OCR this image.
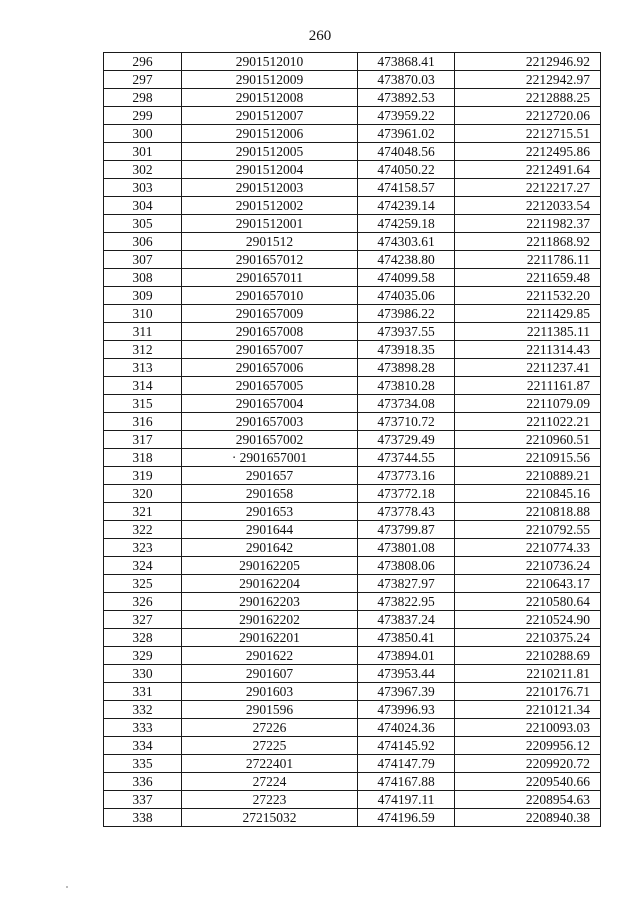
260
296	2901512010	473868.41	2212946.92
297	2901512009	473870.03	2212942.97
298	2901512008	473892.53	2212888.25
299	2901512007	473959.22	2212720.06
300	2901512006	473961.02	2212715.51
301	2901512005	474048.56	2212495.86
302	2901512004	474050.22	2212491.64
303	2901512003	474158.57	2212217.27
304	2901512002	474239.14	2212033.54
305	2901512001	474259.18	2211982.37
306	2901512	474303.61	2211868.92
307	2901657012	474238.80	2211786.11
308	2901657011	474099.58	2211659.48
309	2901657010	474035.06	2211532.20
310	2901657009	473986.22	2211429.85
311	2901657008	473937.55	2211385.11
312	2901657007	473918.35	2211314.43
313	2901657006	473898.28	2211237.41
314	2901657005	473810.28	2211161.87
315	2901657004	473734.08	2211079.09
316	2901657003	473710.72	2211022.21
317	2901657002	473729.49	2210960.51
318	· 2901657001	473744.55	2210915.56
319	2901657	473773.16	2210889.21
320	2901658	473772.18	2210845.16
321	2901653	473778.43	2210818.88
322	2901644	473799.87	2210792.55
323	2901642	473801.08	2210774.33
324	290162205	473808.06	2210736.24
325	290162204	473827.97	2210643.17
326	290162203	473822.95	2210580.64
327	290162202	473837.24	2210524.90
328	290162201	473850.41	2210375.24
329	2901622	473894.01	2210288.69
330	2901607	473953.44	2210211.81
331	2901603	473967.39	2210176.71
332	2901596	473996.93	2210121.34
333	27226	474024.36	2210093.03
334	27225	474145.92	2209956.12
335	2722401	474147.79	2209920.72
336	27224	474167.88	2209540.66
337	27223	474197.11	2208954.63
338	27215032	474196.59	2208940.38
